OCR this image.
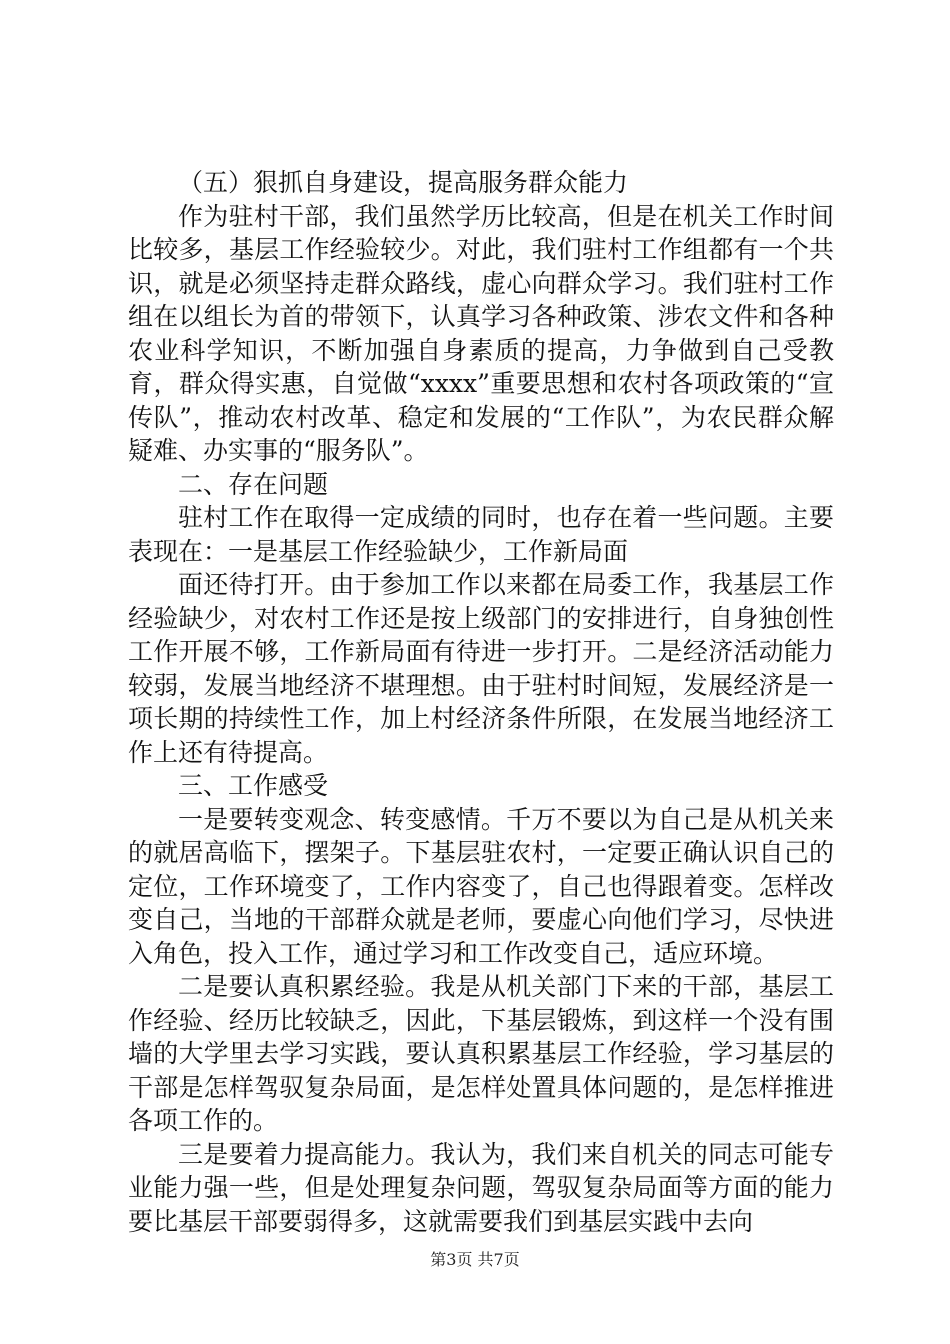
（五）狠抓自身建设，提高服务群众能力

作为驻村干部，我们虽然学历比较高，但是在机关工作时间比较多，基层工作经验较少。对此，我们驻村工作组都有一个共识，就是必须坚持走群众路线，虚心向群众学习。我们驻村工作组在以组长为首的带领下，认真学习各种政策、涉农文件和各种农业科学知识，不断加强自身素质的提高，力争做到自己受教育，群众得实惠，自觉做“xxxx”重要思想和农村各项政策的“宣传队”，推动农村改革、稳定和发展的“工作队”，为农民群众解疑难、办实事的“服务队”。

二、存在问题

驻村工作在取得一定成绩的同时，也存在着一些问题。主要表现在：一是基层工作经验缺少，工作新局面

面还待打开。由于参加工作以来都在局委工作，我基层工作经验缺少，对农村工作还是按上级部门的安排进行，自身独创性工作开展不够，工作新局面有待进一步打开。二是经济活动能力较弱，发展当地经济不堪理想。由于驻村时间短，发展经济是一项长期的持续性工作，加上村经济条件所限，在发展当地经济工作上还有待提高。

三、工作感受

一是要转变观念、转变感情。千万不要以为自己是从机关来的就居高临下，摆架子。下基层驻农村，一定要正确认识自己的定位，工作环境变了，工作内容变了，自己也得跟着变。怎样改变自己，当地的干部群众就是老师，要虚心向他们学习，尽快进入角色，投入工作，通过学习和工作改变自己，适应环境。

二是要认真积累经验。我是从机关部门下来的干部，基层工作经验、经历比较缺乏，因此，下基层锻炼，到这样一个没有围墙的大学里去学习实践，要认真积累基层工作经验，学习基层的干部是怎样驾驭复杂局面，是怎样处置具体问题的，是怎样推进各项工作的。

三是要着力提高能力。我认为，我们来自机关的同志可能专业能力强一些，但是处理复杂问题，驾驭复杂局面等方面的能力要比基层干部要弱得多，这就需要我们到基层实践中去向

第3页 共7页
